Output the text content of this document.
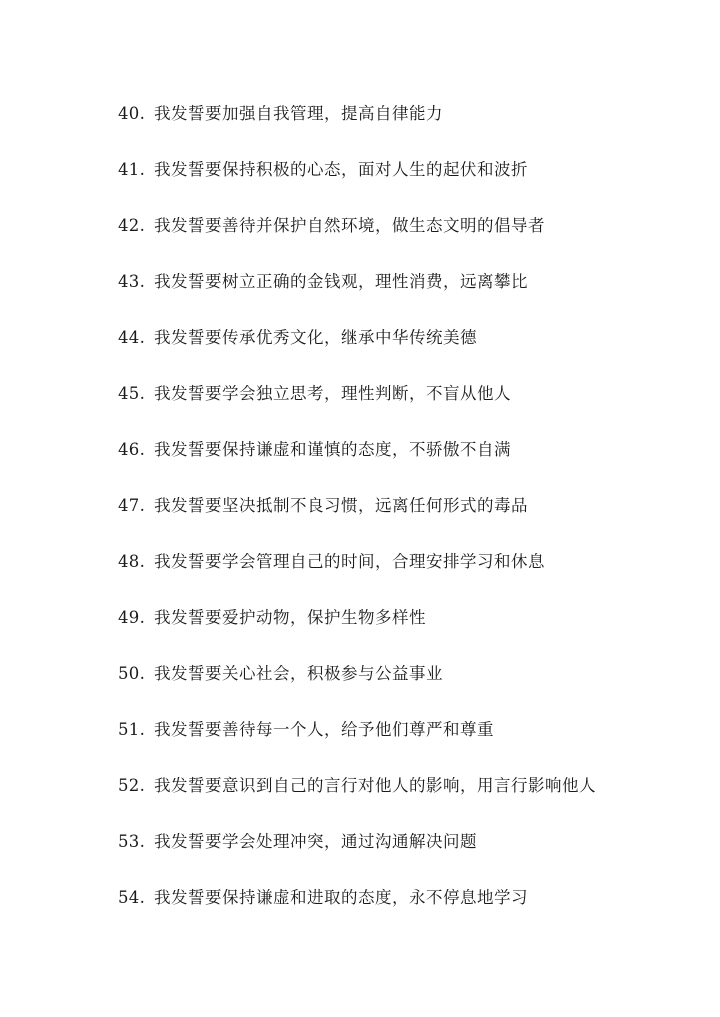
40. 我发誓要加强自我管理，提高自律能力
41. 我发誓要保持积极的心态，面对人生的起伏和波折
42. 我发誓要善待并保护自然环境，做生态文明的倡导者
43. 我发誓要树立正确的金钱观，理性消费，远离攀比
44. 我发誓要传承优秀文化，继承中华传统美德
45. 我发誓要学会独立思考，理性判断，不盲从他人
46. 我发誓要保持谦虚和谨慎的态度，不骄傲不自满
47. 我发誓要坚决抵制不良习惯，远离任何形式的毒品
48. 我发誓要学会管理自己的时间，合理安排学习和休息
49. 我发誓要爱护动物，保护生物多样性
50. 我发誓要关心社会，积极参与公益事业
51. 我发誓要善待每一个人，给予他们尊严和尊重
52. 我发誓要意识到自己的言行对他人的影响，用言行影响他人
53. 我发誓要学会处理冲突，通过沟通解决问题
54. 我发誓要保持谦虚和进取的态度，永不停息地学习
